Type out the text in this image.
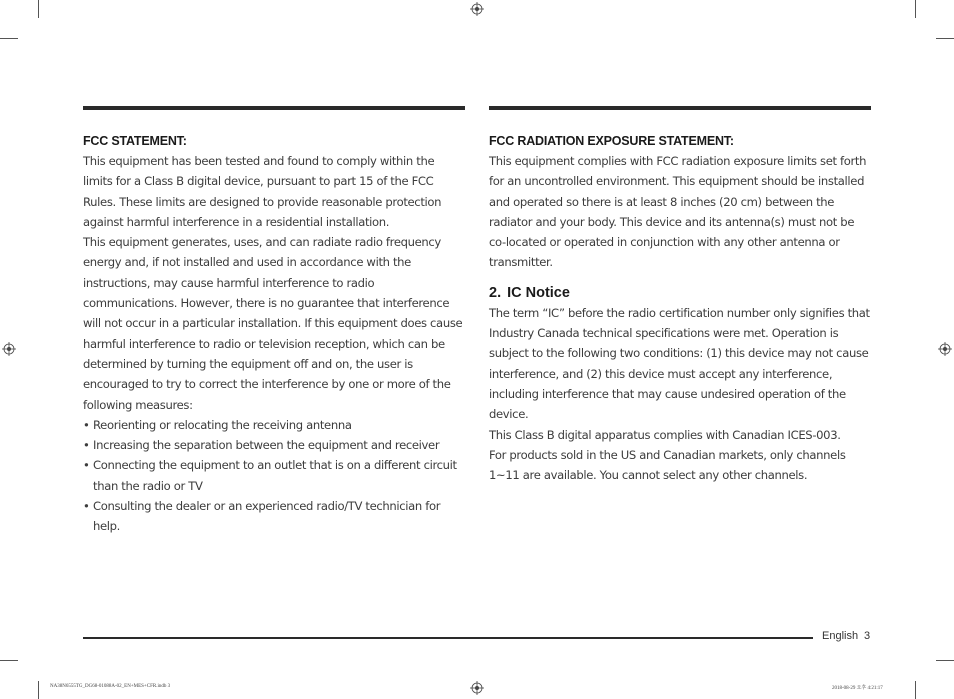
FCC STATEMENT:

This equipment has been tested and found to comply within the limits for a Class B digital device, pursuant to part 15 of the FCC Rules. These limits are designed to provide reasonable protection against harmful interference in a residential installation.

This equipment generates, uses, and can radiate radio frequency energy and, if not installed and used in accordance with the instructions, may cause harmful interference to radio communications. However, there is no guarantee that interference will not occur in a particular installation. If this equipment does cause harmful interference to radio or television reception, which can be determined by turning the equipment off and on, the user is encouraged to try to correct the interference by one or more of the following measures:

• Reorienting or relocating the receiving antenna
• Increasing the separation between the equipment and receiver
• Connecting the equipment to an outlet that is on a different circuit than the radio or TV
• Consulting the dealer or an experienced radio/TV technician for help.
FCC RADIATION EXPOSURE STATEMENT:

This equipment complies with FCC radiation exposure limits set forth for an uncontrolled environment. This equipment should be installed and operated so there is at least 8 inches (20 cm) between the radiator and your body. This device and its antenna(s) must not be co-located or operated in conjunction with any other antenna or transmitter.

2. IC Notice

The term “IC” before the radio certification number only signifies that Industry Canada technical specifications were met. Operation is subject to the following two conditions: (1) this device may not cause interference, and (2) this device must accept any interference, including interference that may cause undesired operation of the device.

This Class B digital apparatus complies with Canadian ICES-003.

For products sold in the US and Canadian markets, only channels 1~11 are available. You cannot select any other channels.

English 3
NA38N6555TG_DG68-01088A-02_EN+MES+CFR.indb 3	2018-08-29 오후 4:21:17
